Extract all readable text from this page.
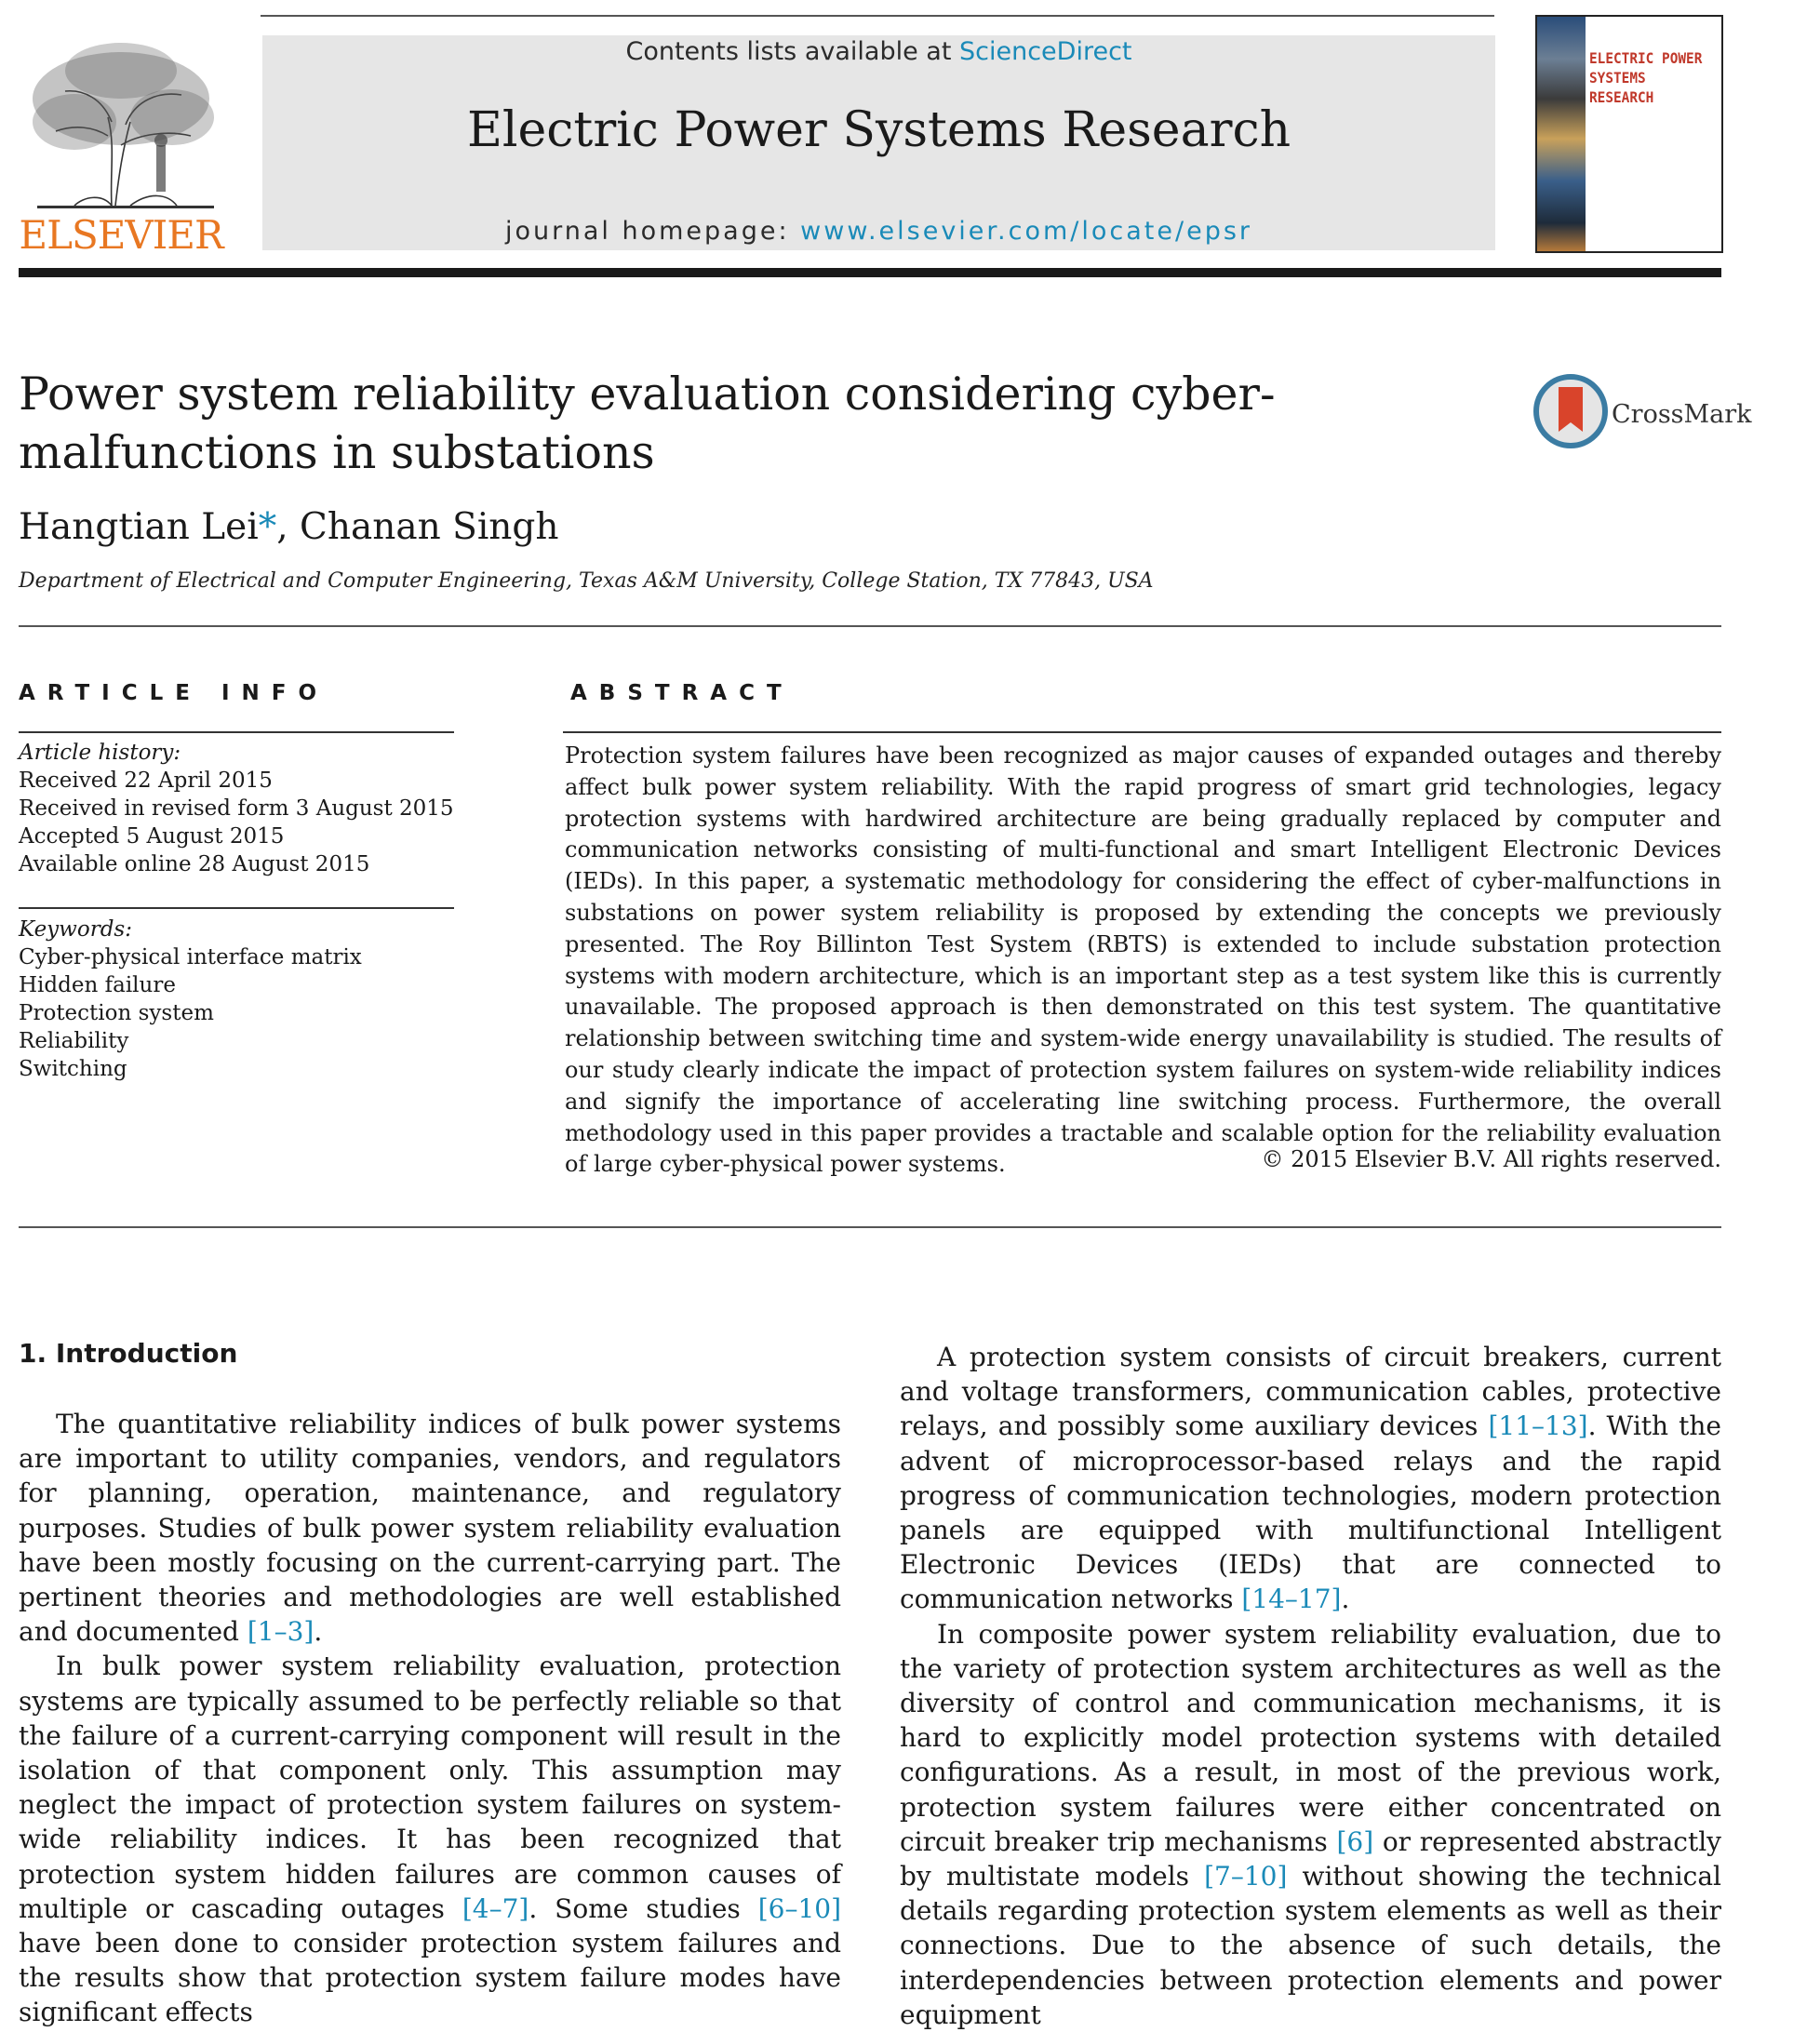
ELSEVIER
Contents lists available at ScienceDirect
Electric Power Systems Research
journal homepage: www.elsevier.com/locate/epsr
ELECTRIC POWER SYSTEMS RESEARCH
Power system reliability evaluation considering cyber-malfunctions in substations
CrossMark
Hangtian Lei*, Chanan Singh
Department of Electrical and Computer Engineering, Texas A&M University, College Station, TX 77843, USA
ARTICLE INFO
Article history:
Received 22 April 2015
Received in revised form 3 August 2015
Accepted 5 August 2015
Available online 28 August 2015
Keywords:
Cyber-physical interface matrix
Hidden failure
Protection system
Reliability
Switching
ABSTRACT
Protection system failures have been recognized as major causes of expanded outages and thereby affect bulk power system reliability. With the rapid progress of smart grid technologies, legacy protection systems with hardwired architecture are being gradually replaced by computer and communication networks consisting of multi-functional and smart Intelligent Electronic Devices (IEDs). In this paper, a systematic methodology for considering the effect of cyber-malfunctions in substations on power system reliability is proposed by extending the concepts we previously presented. The Roy Billinton Test System (RBTS) is extended to include substation protection systems with modern architecture, which is an important step as a test system like this is currently unavailable. The proposed approach is then demonstrated on this test system. The quantitative relationship between switching time and system-wide energy unavailability is studied. The results of our study clearly indicate the impact of protection system failures on system-wide reliability indices and signify the importance of accelerating line switching process. Furthermore, the overall methodology used in this paper provides a tractable and scalable option for the reliability evaluation of large cyber-physical power systems.	© 2015 Elsevier B.V. All rights reserved.
1. Introduction

The quantitative reliability indices of bulk power systems are important to utility companies, vendors, and regulators for planning, operation, maintenance, and regulatory purposes. Studies of bulk power system reliability evaluation have been mostly focusing on the current-carrying part. The pertinent theories and methodologies are well established and documented [1–3].

In bulk power system reliability evaluation, protection systems are typically assumed to be perfectly reliable so that the failure of a current-carrying component will result in the isolation of that component only. This assumption may neglect the impact of protection system failures on system-wide reliability indices. It has been recognized that protection system hidden failures are common causes of multiple or cascading outages [4–7]. Some studies [6–10] have been done to consider protection system failures and the results show that protection system failure modes have significant effects

A protection system consists of circuit breakers, current and voltage transformers, communication cables, protective relays, and possibly some auxiliary devices [11–13]. With the advent of microprocessor-based relays and the rapid progress of communication technologies, modern protection panels are equipped with multifunctional Intelligent Electronic Devices (IEDs) that are connected to communication networks [14–17].

In composite power system reliability evaluation, due to the variety of protection system architectures as well as the diversity of control and communication mechanisms, it is hard to explicitly model protection systems with detailed configurations. As a result, in most of the previous work, protection system failures were either concentrated on circuit breaker trip mechanisms [6] or represented abstractly by multistate models [7–10] without showing the technical details regarding protection system elements as well as their connections. Due to the absence of such details, the interdependencies between protection elements and power equipment
